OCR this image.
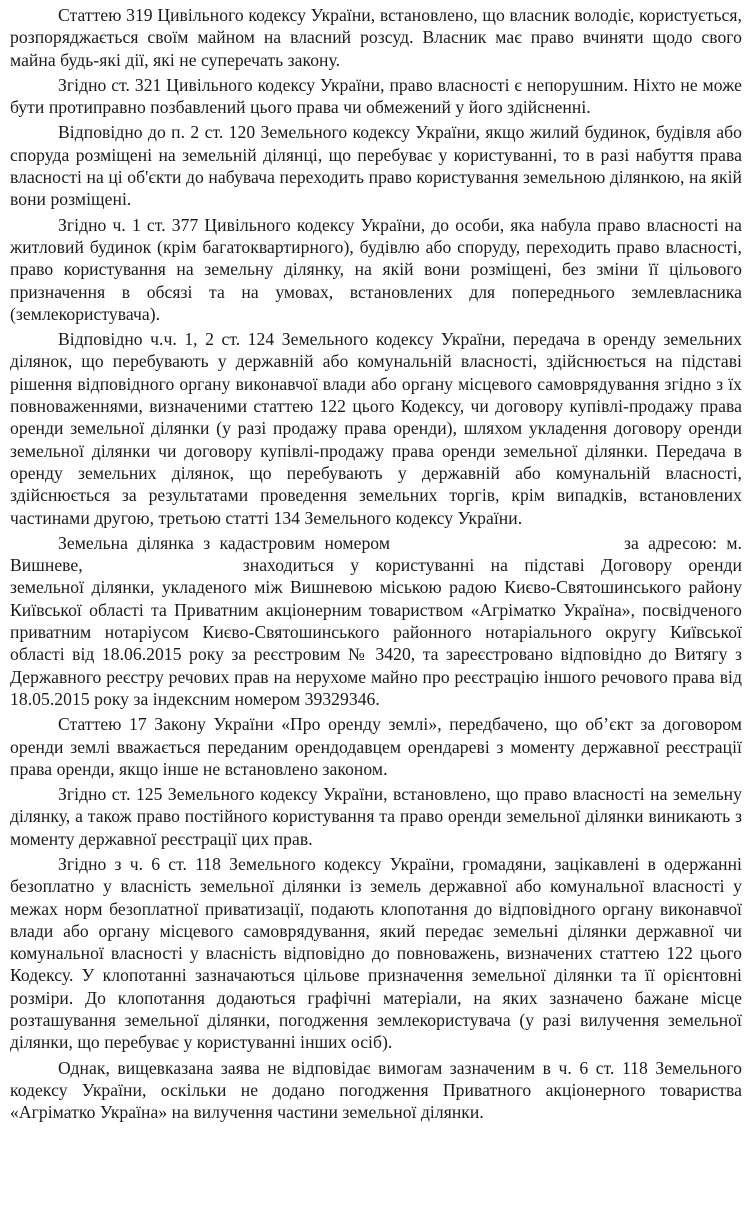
Статтею 319 Цивільного кодексу України, встановлено, що власник володіє, користується, розпоряджається своїм майном на власний розсуд. Власник має право вчиняти щодо свого майна будь-які дії, які не суперечать закону.

Згідно ст. 321 Цивільного кодексу України, право власності є непорушним. Ніхто не може бути протиправно позбавлений цього права чи обмежений у його здійсненні.

Відповідно до п. 2 ст. 120 Земельного кодексу України, якщо жилий будинок, будівля або споруда розміщені на земельній ділянці, що перебуває у користуванні, то в разі набуття права власності на ці об'єкти до набувача переходить право користування земельною ділянкою, на якій вони розміщені.

Згідно ч. 1 ст. 377 Цивільного кодексу України, до особи, яка набула право власності на житловий будинок (крім багатоквартирного), будівлю або споруду, переходить право власності, право користування на земельну ділянку, на якій вони розміщені, без зміни її цільового призначення в обсязі та на умовах, встановлених для попереднього землевласника (землекористувача).

Відповідно ч.ч. 1, 2 ст. 124 Земельного кодексу України, передача в оренду земельних ділянок, що перебувають у державній або комунальній власності, здійснюється на підставі рішення відповідного органу виконавчої влади або органу місцевого самоврядування згідно з їх повноваженнями, визначеними статтею 122 цього Кодексу, чи договору купівлі-продажу права оренди земельної ділянки (у разі продажу права оренди), шляхом укладення договору оренди земельної ділянки чи договору купівлі-продажу права оренди земельної ділянки. Передача в оренду земельних ділянок, що перебувають у державній або комунальній власності, здійснюється за результатами проведення земельних торгів, крім випадків, встановлених частинами другою, третьою статті 134 Земельного кодексу України.

Земельна ділянка з кадастровим номером	за адресою: м. Вишневе,	знаходиться у користуванні на підставі Договору оренди земельної ділянки, укладеного між Вишневою міською радою Києво-Святошинського району Київської області та Приватним акціонерним товариством «Агріматко Україна», посвідченого приватним нотаріусом Києво-Святошинського районного нотаріального округу Київської області від 18.06.2015 року за реєстровим № 3420, та зареєстровано відповідно до Витягу з Державного реєстру речових прав на нерухоме майно про реєстрацію іншого речового права від 18.05.2015 року за індексним номером 39329346.

Статтею 17 Закону України «Про оренду землі», передбачено, що об’єкт за договором оренди землі вважається переданим орендодавцем орендареві з моменту державної реєстрації права оренди, якщо інше не встановлено законом.

Згідно ст. 125 Земельного кодексу України, встановлено, що право власності на земельну ділянку, а також право постійного користування та право оренди земельної ділянки виникають з моменту державної реєстрації цих прав.

Згідно з ч. 6 ст. 118 Земельного кодексу України, громадяни, зацікавлені в одержанні безоплатно у власність земельної ділянки із земель державної або комунальної власності у межах норм безоплатної приватизації, подають клопотання до відповідного органу виконавчої влади або органу місцевого самоврядування, який передає земельні ділянки державної чи комунальної власності у власність відповідно до повноважень, визначених статтею 122 цього Кодексу. У клопотанні зазначаються цільове призначення земельної ділянки та її орієнтовні розміри. До клопотання додаються графічні матеріали, на яких зазначено бажане місце розташування земельної ділянки, погодження землекористувача (у разі вилучення земельної ділянки, що перебуває у користуванні інших осіб).

Однак, вищевказана заява не відповідає вимогам зазначеним в ч. 6 ст. 118 Земельного кодексу України, оскільки не додано погодження Приватного акціонерного товариства «Агріматко Україна» на вилучення частини земельної ділянки.
